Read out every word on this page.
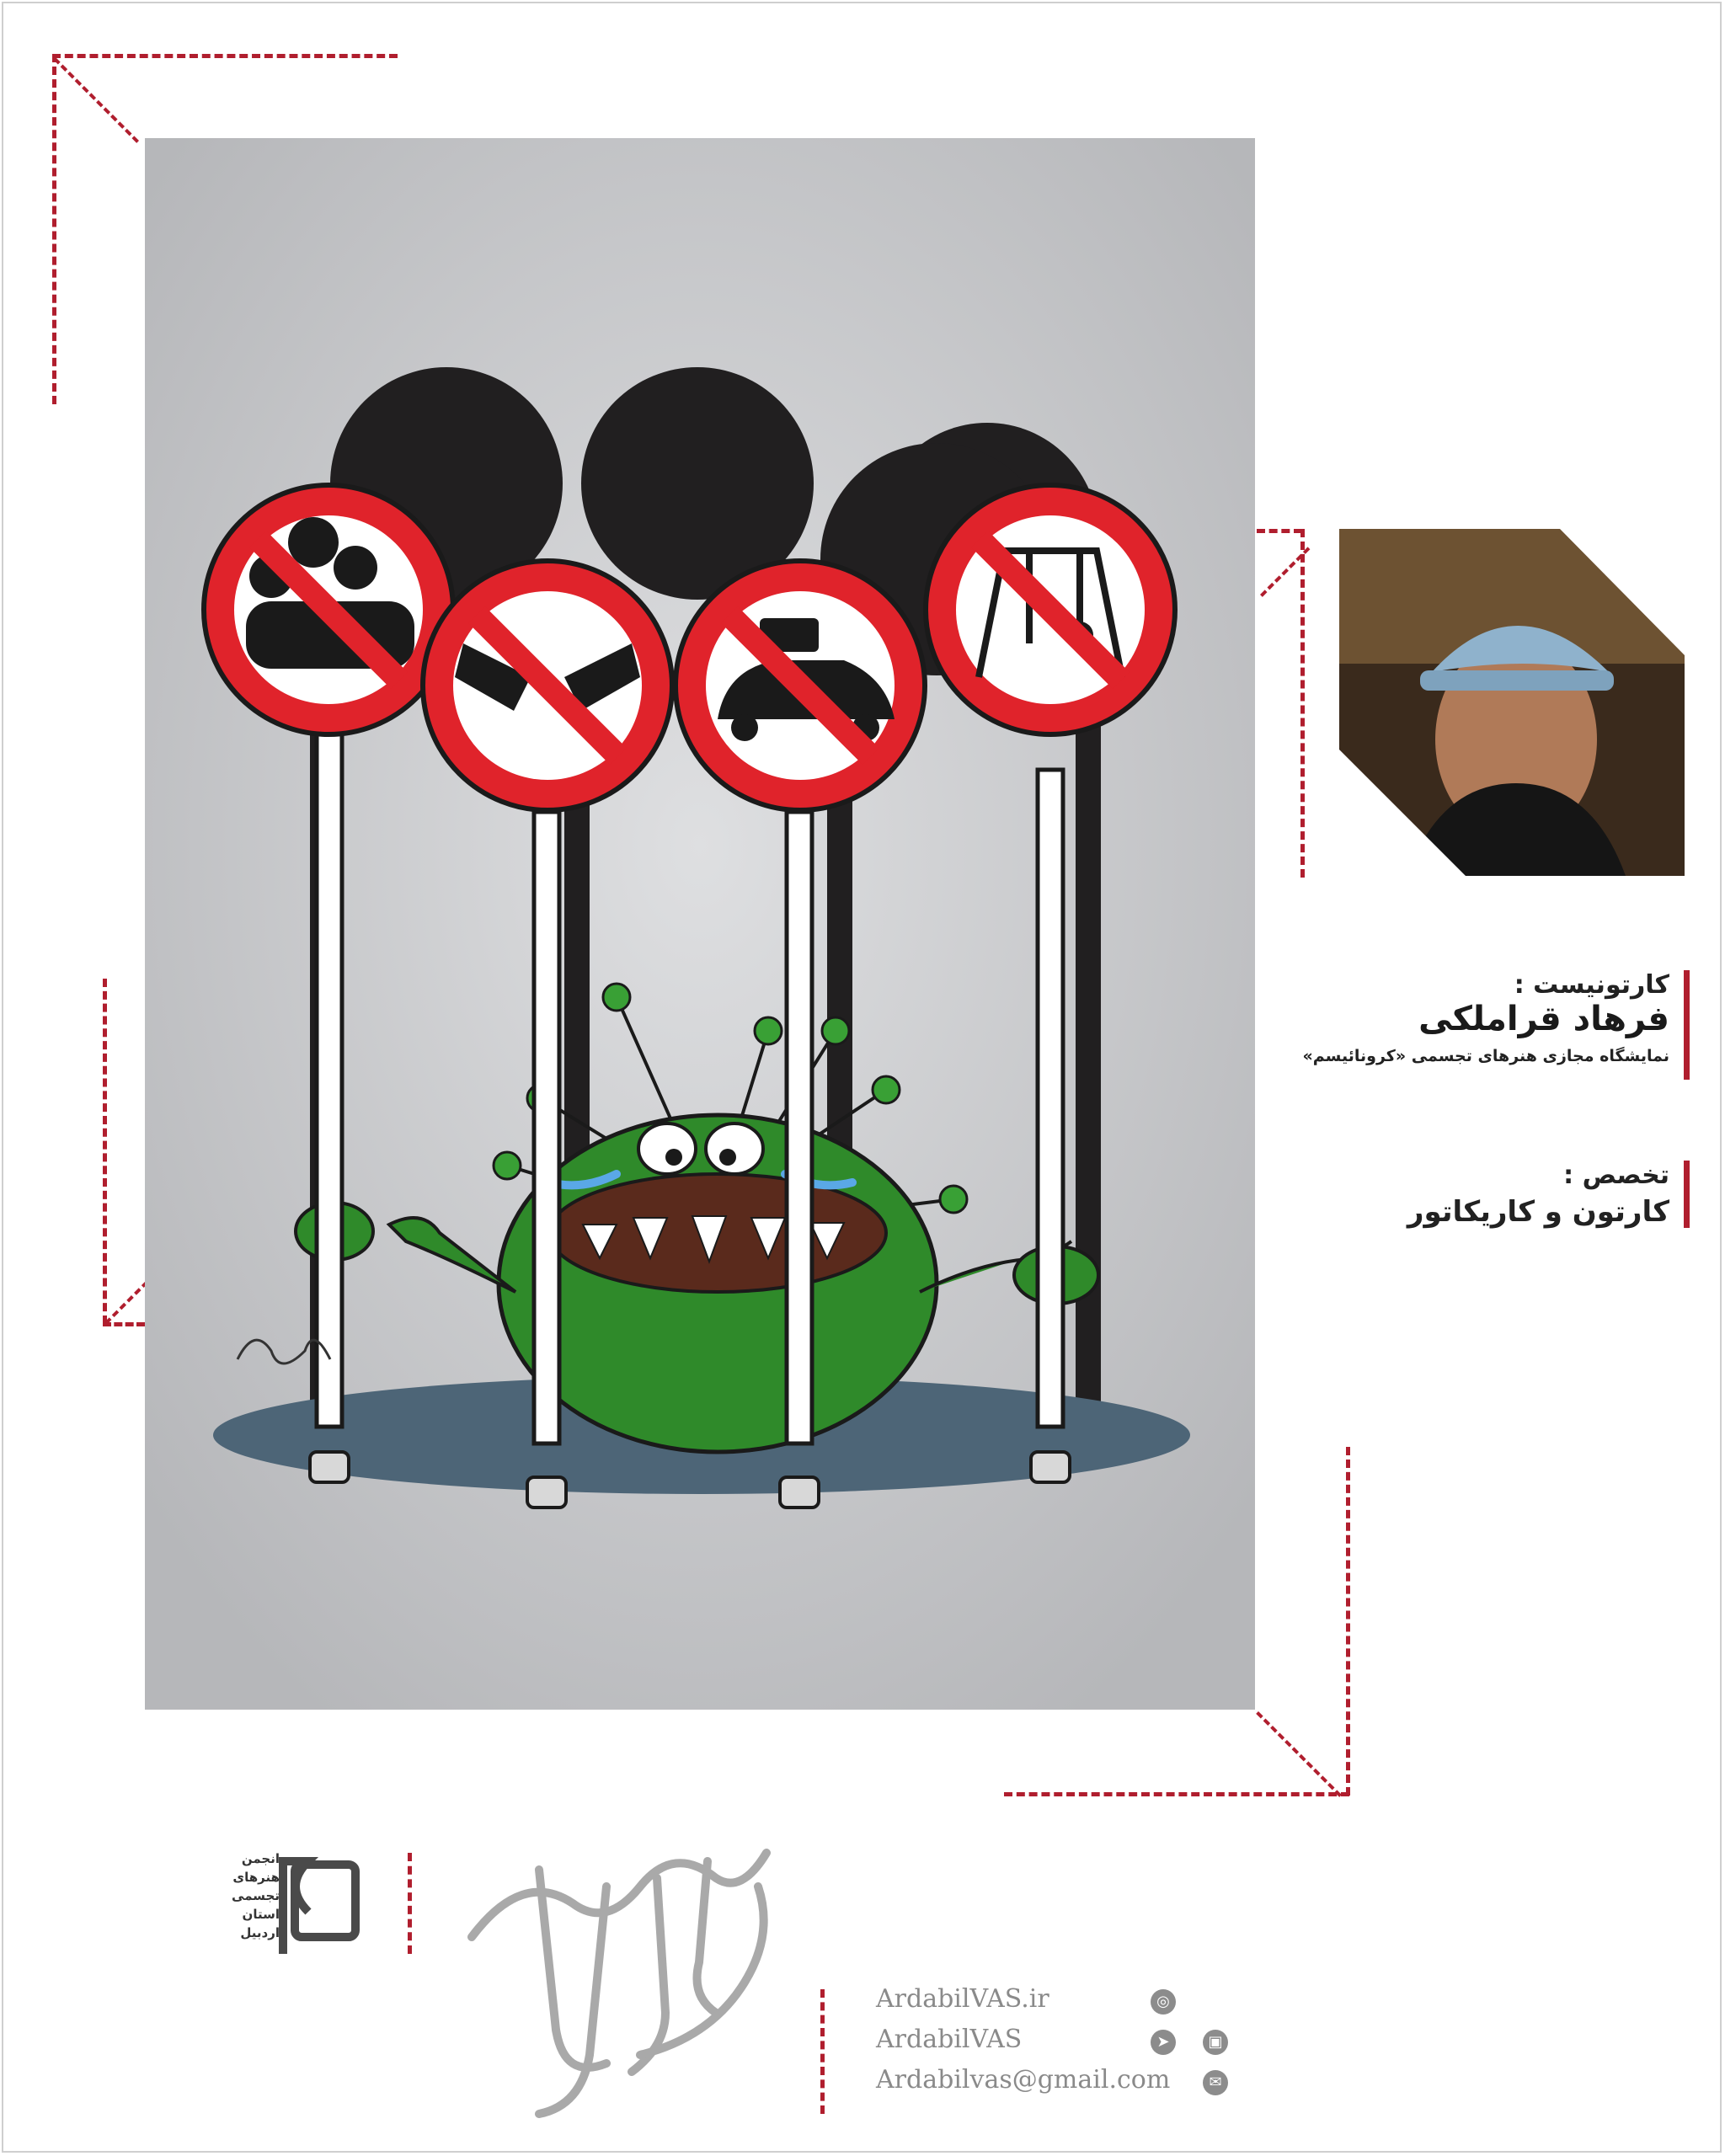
کارتونیست :
فرهاد قراملکی
نمایشگاه مجازی هنرهای تجسمی «کرونائیسم»
تخصص :
کارتون و کاریکاتور
انجمن
هنرهای
تجسمی
استان اردبیل
◎
ArdabilVAS.ir
➤	▣
ArdabilVAS
✉
Ardabilvas@gmail.com
